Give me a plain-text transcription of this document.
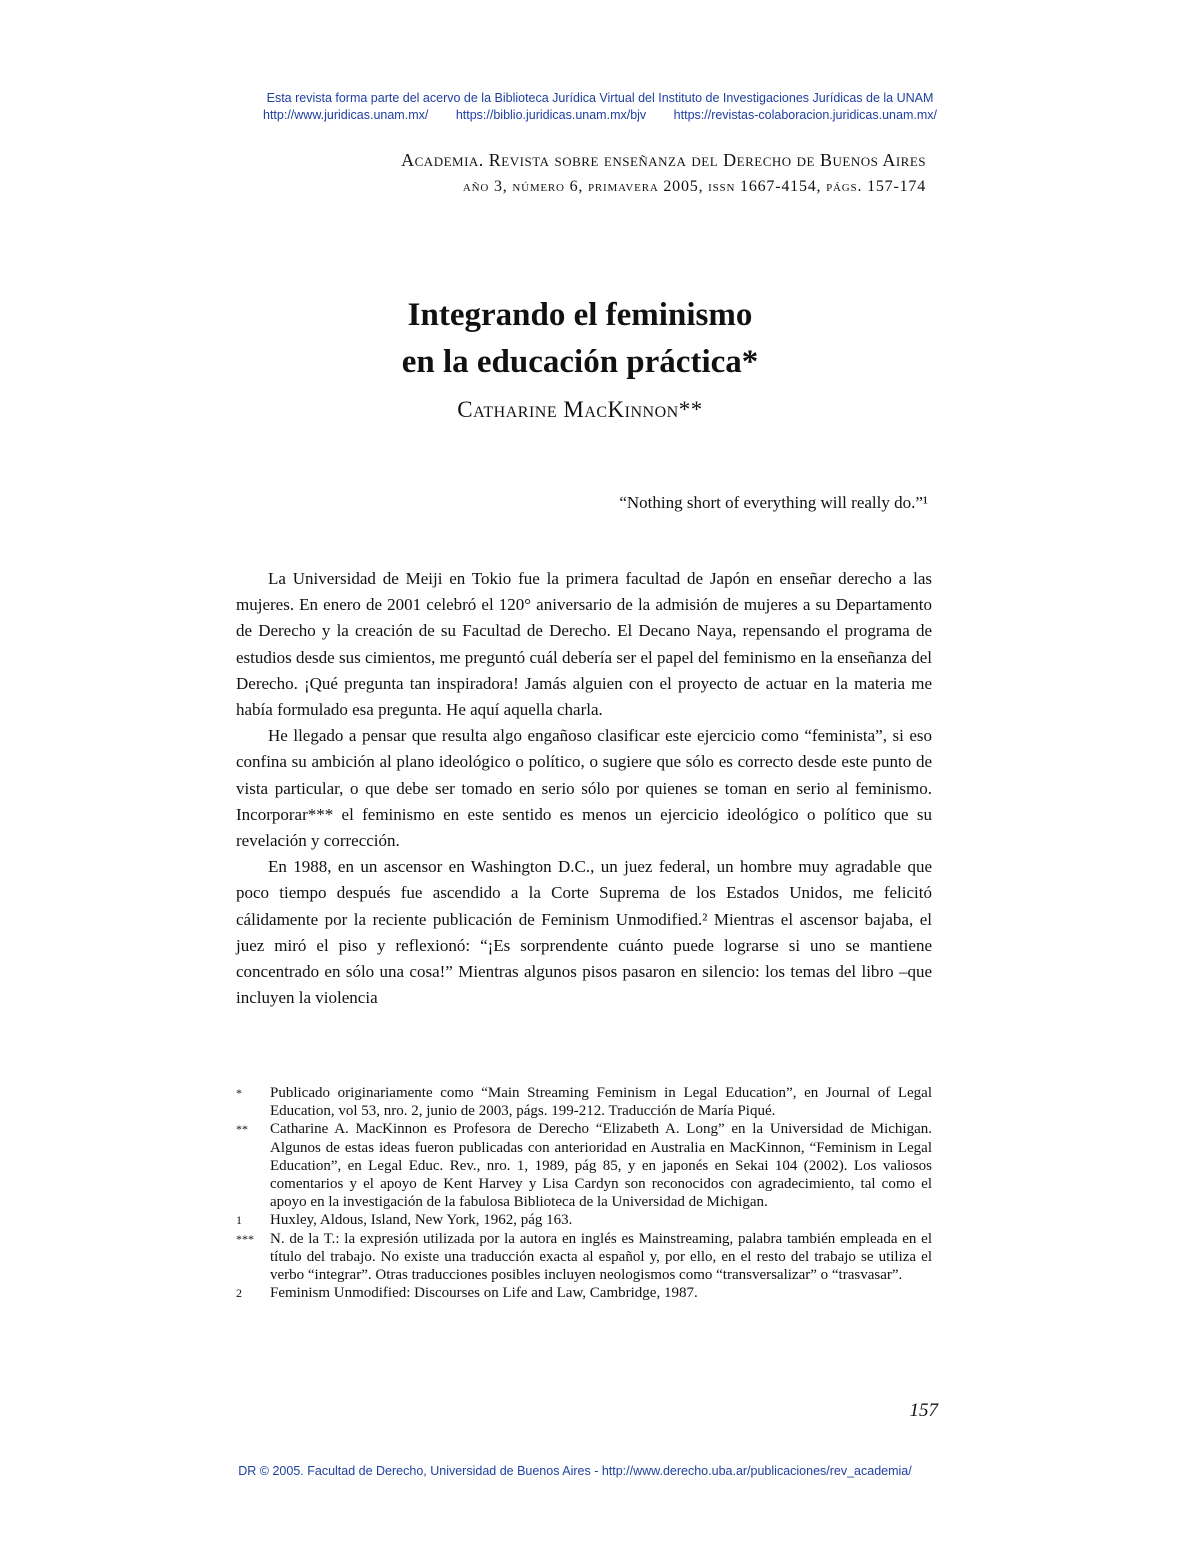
Esta revista forma parte del acervo de la Biblioteca Jurídica Virtual del Instituto de Investigaciones Jurídicas de la UNAM
http://www.juridicas.unam.mx/ https://biblio.juridicas.unam.mx/bjv https://revistas-colaboracion.juridicas.unam.mx/
Academia. Revista sobre enseñanza del Derecho de Buenos Aires
año 3, número 6, primavera 2005, issn 1667-4154, págs. 157-174
Integrando el feminismo
en la educación práctica*
Catharine MacKinnon**
“Nothing short of everything will really do.”¹

La Universidad de Meiji en Tokio fue la primera facultad de Japón en enseñar derecho a las mujeres. En enero de 2001 celebró el 120° aniversario de la admisión de mujeres a su Departamento de Derecho y la creación de su Facultad de Derecho. El Decano Naya, repensando el programa de estudios desde sus cimientos, me preguntó cuál debería ser el papel del feminismo en la enseñanza del Derecho. ¡Qué pregunta tan inspiradora! Jamás alguien con el proyecto de actuar en la materia me había formulado esa pregunta. He aquí aquella charla.

He llegado a pensar que resulta algo engañoso clasificar este ejercicio como “feminista”, si eso confina su ambición al plano ideológico o político, o sugiere que sólo es correcto desde este punto de vista particular, o que debe ser tomado en serio sólo por quienes se toman en serio al feminismo. Incorporar*** el feminismo en este sentido es menos un ejercicio ideológico o político que su revelación y corrección.

En 1988, en un ascensor en Washington D.C., un juez federal, un hombre muy agradable que poco tiempo después fue ascendido a la Corte Suprema de los Estados Unidos, me felicitó cálidamente por la reciente publicación de Feminism Unmodified.² Mientras el ascensor bajaba, el juez miró el piso y reflexionó: “¡Es sorprendente cuánto puede lograrse si uno se mantiene concentrado en sólo una cosa!” Mientras algunos pisos pasaron en silencio: los temas del libro –que incluyen la violencia

* Publicado originariamente como “Main Streaming Feminism in Legal Education”, en Journal of Legal Education, vol 53, nro. 2, junio de 2003, págs. 199-212. Traducción de María Piqué.
** Catharine A. MacKinnon es Profesora de Derecho “Elizabeth A. Long” en la Universidad de Michigan. Algunos de estas ideas fueron publicadas con anterioridad en Australia en MacKinnon, “Feminism in Legal Education”, en Legal Educ. Rev., nro. 1, 1989, pág 85, y en japonés en Sekai 104 (2002). Los valiosos comentarios y el apoyo de Kent Harvey y Lisa Cardyn son reconocidos con agradecimiento, tal como el apoyo en la investigación de la fabulosa Biblioteca de la Universidad de Michigan.
1 Huxley, Aldous, Island, New York, 1962, pág 163.
*** N. de la T.: la expresión utilizada por la autora en inglés es Mainstreaming, palabra también empleada en el título del trabajo. No existe una traducción exacta al español y, por ello, en el resto del trabajo se utiliza el verbo “integrar”. Otras traducciones posibles incluyen neologismos como “transversalizar” o “trasvasar”.
2 Feminism Unmodified: Discourses on Life and Law, Cambridge, 1987.
157
DR © 2005. Facultad de Derecho, Universidad de Buenos Aires - http://www.derecho.uba.ar/publicaciones/rev_academia/
